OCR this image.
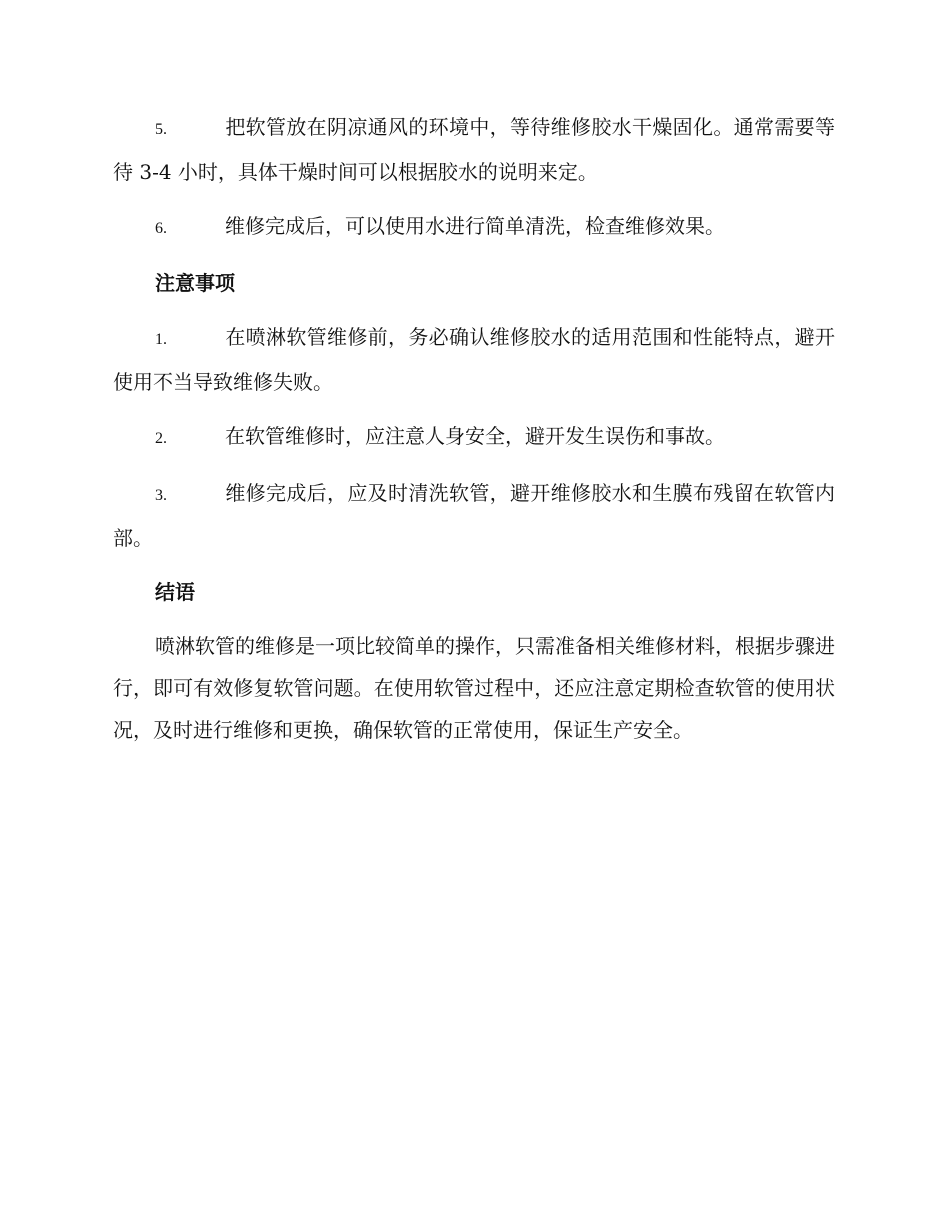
5.	把软管放在阴凉通风的环境中，等待维修胶水干燥固化。通常需要等待 3-4 小时，具体干燥时间可以根据胶水的说明来定。

6.	维修完成后，可以使用水进行简单清洗，检查维修效果。

注意事项

1.	在喷淋软管维修前，务必确认维修胶水的适用范围和性能特点，避开使用不当导致维修失败。

2.	在软管维修时，应注意人身安全，避开发生误伤和事故。

3.	维修完成后，应及时清洗软管，避开维修胶水和生膜布残留在软管内部。

结语

喷淋软管的维修是一项比较简单的操作，只需准备相关维修材料，根据步骤进行，即可有效修复软管问题。在使用软管过程中，还应注意定期检查软管的使用状况，及时进行维修和更换，确保软管的正常使用，保证生产安全。
